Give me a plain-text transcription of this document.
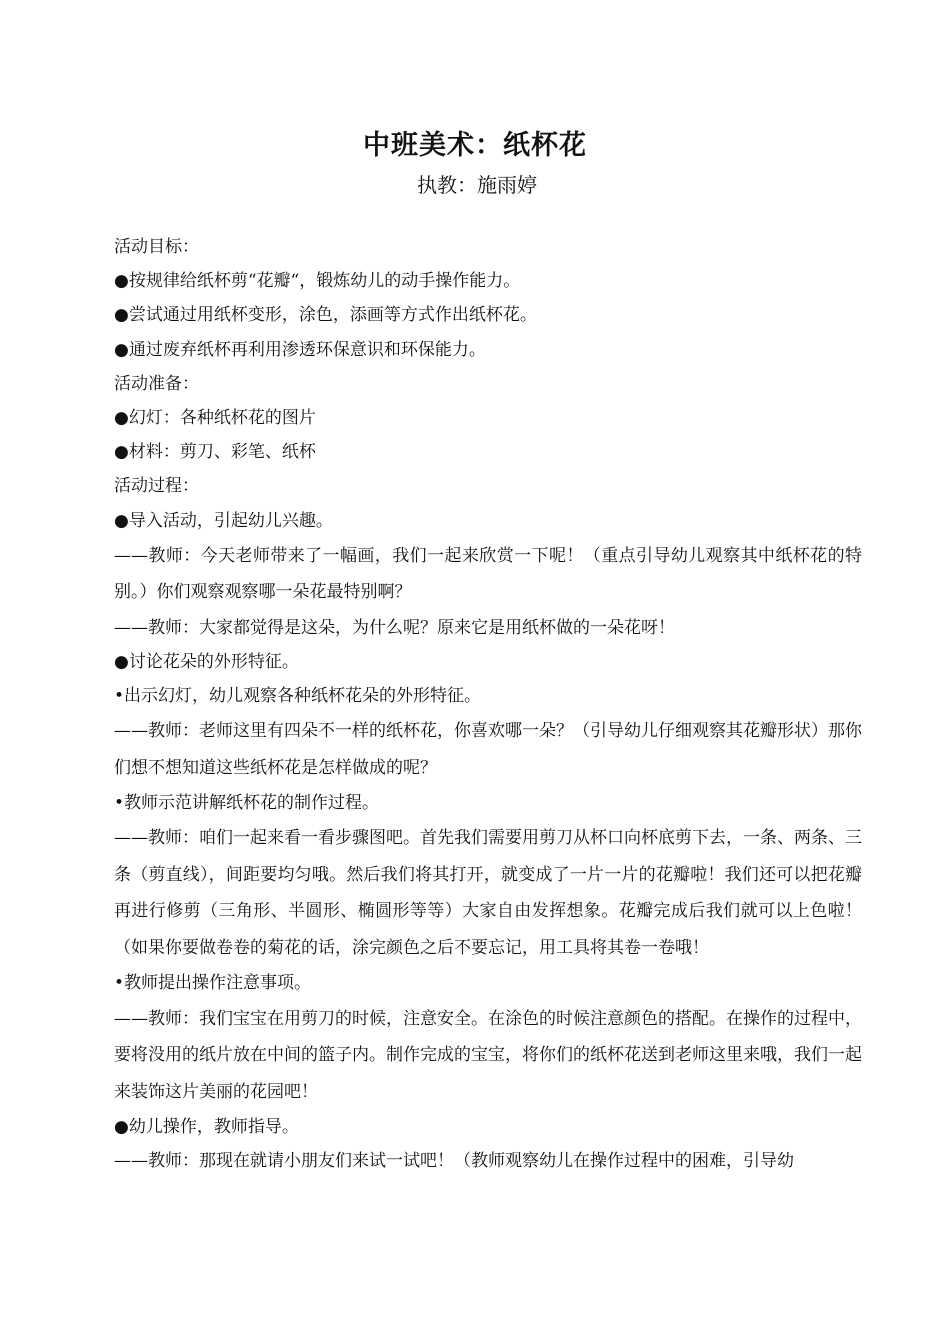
中班美术：纸杯花
执教：施雨婷
活动目标：
●按规律给纸杯剪“花瓣“，锻炼幼儿的动手操作能力。
●尝试通过用纸杯变形，涂色，添画等方式作出纸杯花。
●通过废弃纸杯再利用渗透环保意识和环保能力。
活动准备：
●幻灯：各种纸杯花的图片
●材料：剪刀、彩笔、纸杯
活动过程：
●导入活动，引起幼儿兴趣。
——教师：今天老师带来了一幅画，我们一起来欣赏一下呢！（重点引导幼儿观察其中纸杯花的特别。）你们观察观察哪一朵花最特别啊？
——教师：大家都觉得是这朵，为什么呢？原来它是用纸杯做的一朵花呀！
●讨论花朵的外形特征。
•出示幻灯，幼儿观察各种纸杯花朵的外形特征。
——教师：老师这里有四朵不一样的纸杯花，你喜欢哪一朵？（引导幼儿仔细观察其花瓣形状）那你们想不想知道这些纸杯花是怎样做成的呢？
•教师示范讲解纸杯花的制作过程。
——教师：咱们一起来看一看步骤图吧。首先我们需要用剪刀从杯口向杯底剪下去，一条、两条、三条（剪直线），间距要均匀哦。然后我们将其打开，就变成了一片一片的花瓣啦！我们还可以把花瓣再进行修剪（三角形、半圆形、椭圆形等等）大家自由发挥想象。花瓣完成后我们就可以上色啦！（如果你要做卷卷的菊花的话，涂完颜色之后不要忘记，用工具将其卷一卷哦！
•教师提出操作注意事项。
——教师：我们宝宝在用剪刀的时候，注意安全。在涂色的时候注意颜色的搭配。在操作的过程中，要将没用的纸片放在中间的篮子内。制作完成的宝宝，将你们的纸杯花送到老师这里来哦，我们一起来装饰这片美丽的花园吧！
●幼儿操作，教师指导。
——教师：那现在就请小朋友们来试一试吧！（教师观察幼儿在操作过程中的困难，引导幼
